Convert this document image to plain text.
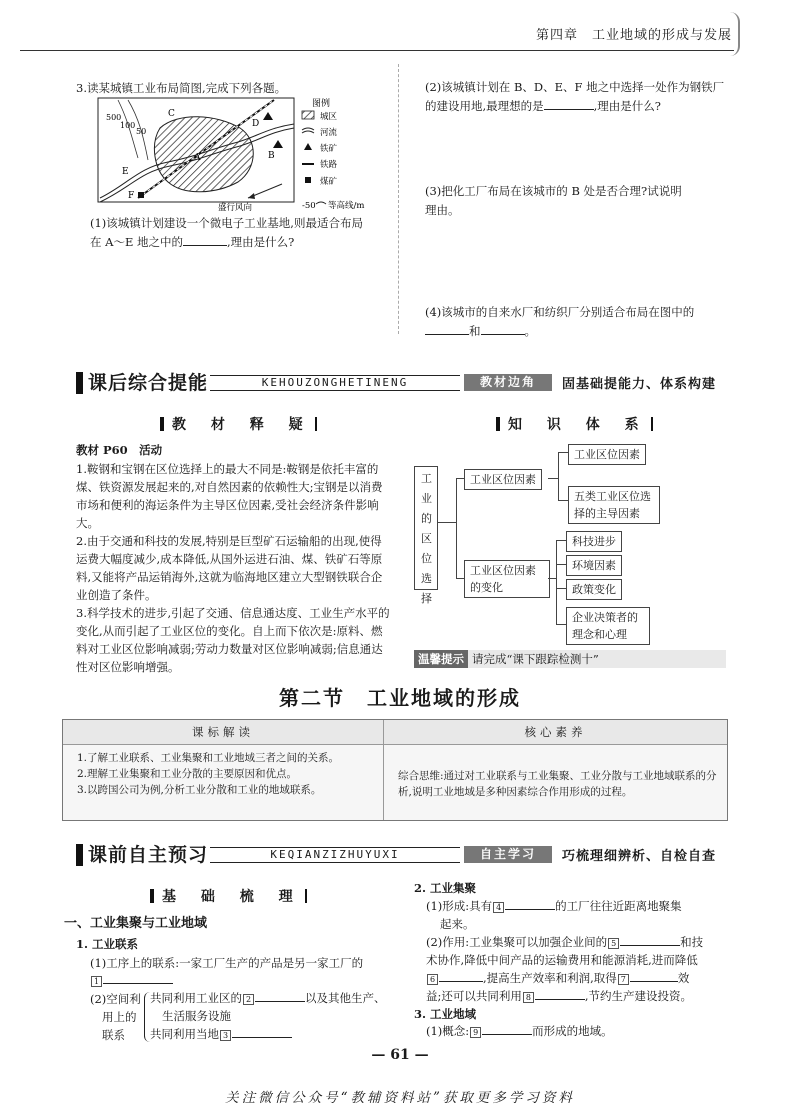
第四章　工业地域的形成与发展
3.读某城镇工业布局简图,完成下列各题。
500
100
50
A	B
C
D
E
F
盛行风向
图例
城区
河流
铁矿
铁路
煤矿
-50 等高线/m
(1)该城镇计划建设一个微电子工业基地,则最适合布局
在 A～E 地之中的	,理由是什么?
(2)该城镇计划在 B、D、E、F 地之中选择一处作为钢铁厂
的建设用地,最理想的是	,理由是什么?
(3)把化工厂布局在该城市的 B 处是否合理?试说明
理由。
(4)该城市的自来水厂和纺织厂分别适合布局在图中的
和	。
课后综合提能	KEHOUZONGHETINENG	教材边角	固基础提能力、体系构建
教 材 释 疑
教材 P60　活动
1.鞍钢和宝钢在区位选择上的最大不同是:鞍钢是依托丰富的煤、铁资源发展起来的,对自然因素的依赖性大;宝钢是以消费市场和便利的海运条件为主导区位因素,受社会经济条件影响大。
2.由于交通和科技的发展,特别是巨型矿石运输船的出现,使得运费大幅度减少,成本降低,从国外运进石油、煤、铁矿石等原料,又能将产品运销海外,这就为临海地区建立大型钢铁联合企业创造了条件。
3.科学技术的进步,引起了交通、信息通达度、工业生产水平的变化,从而引起了工业区位的变化。自上而下依次是:原料、燃料对工业区位影响减弱;劳动力数量对区位影响减弱;信息通达性对区位影响增强。
知 识 体 系
工业的区位选择
工业区位因素
工业区位因素的变化
工业区位因素
五类工业区位选择的主导因素
科技进步
环境因素
政策变化
企业决策者的理念和心理
温馨提示 请完成“课下跟踪检测十”
第二节　工业地域的形成
课标解读
1.了解工业联系、工业集聚和工业地域三者之间的关系。
2.理解工业集聚和工业分散的主要原因和优点。
3.以跨国公司为例,分析工业分散和工业的地域联系。
核心素养
综合思维:通过对工业联系与工业集聚、工业分散与工业地域联系的分析,说明工业地域是多种因素综合作用形成的过程。
课前自主预习	KEQIANZIZHUYUXI	自主学习	巧梳理细辨析、自检自查
基 础 梳 理
一、工业集聚与工业地域
1. 工业联系
(1)工序上的联系:一家工厂生产的产品是另一家工厂的
1
(2)空间利
用上的
联系
共同利用工业区的 2	以及其他生产、
生活服务设施
共同利用当地 3
2. 工业集聚
(1)形成:具有 4	的工厂往往近距离地聚集
起来。
(2)作用:工业集聚可以加强企业间的 5	和技
术协作,降低中间产品的运输费用和能源消耗,进而降低
6	,提高生产效率和利润,取得 7	效
益;还可以共同利用 8	,节约生产建设投资。
3. 工业地域
(1)概念: 9	而形成的地域。
— 61 —
关注微信公众号“教辅资料站”获取更多学习资料
